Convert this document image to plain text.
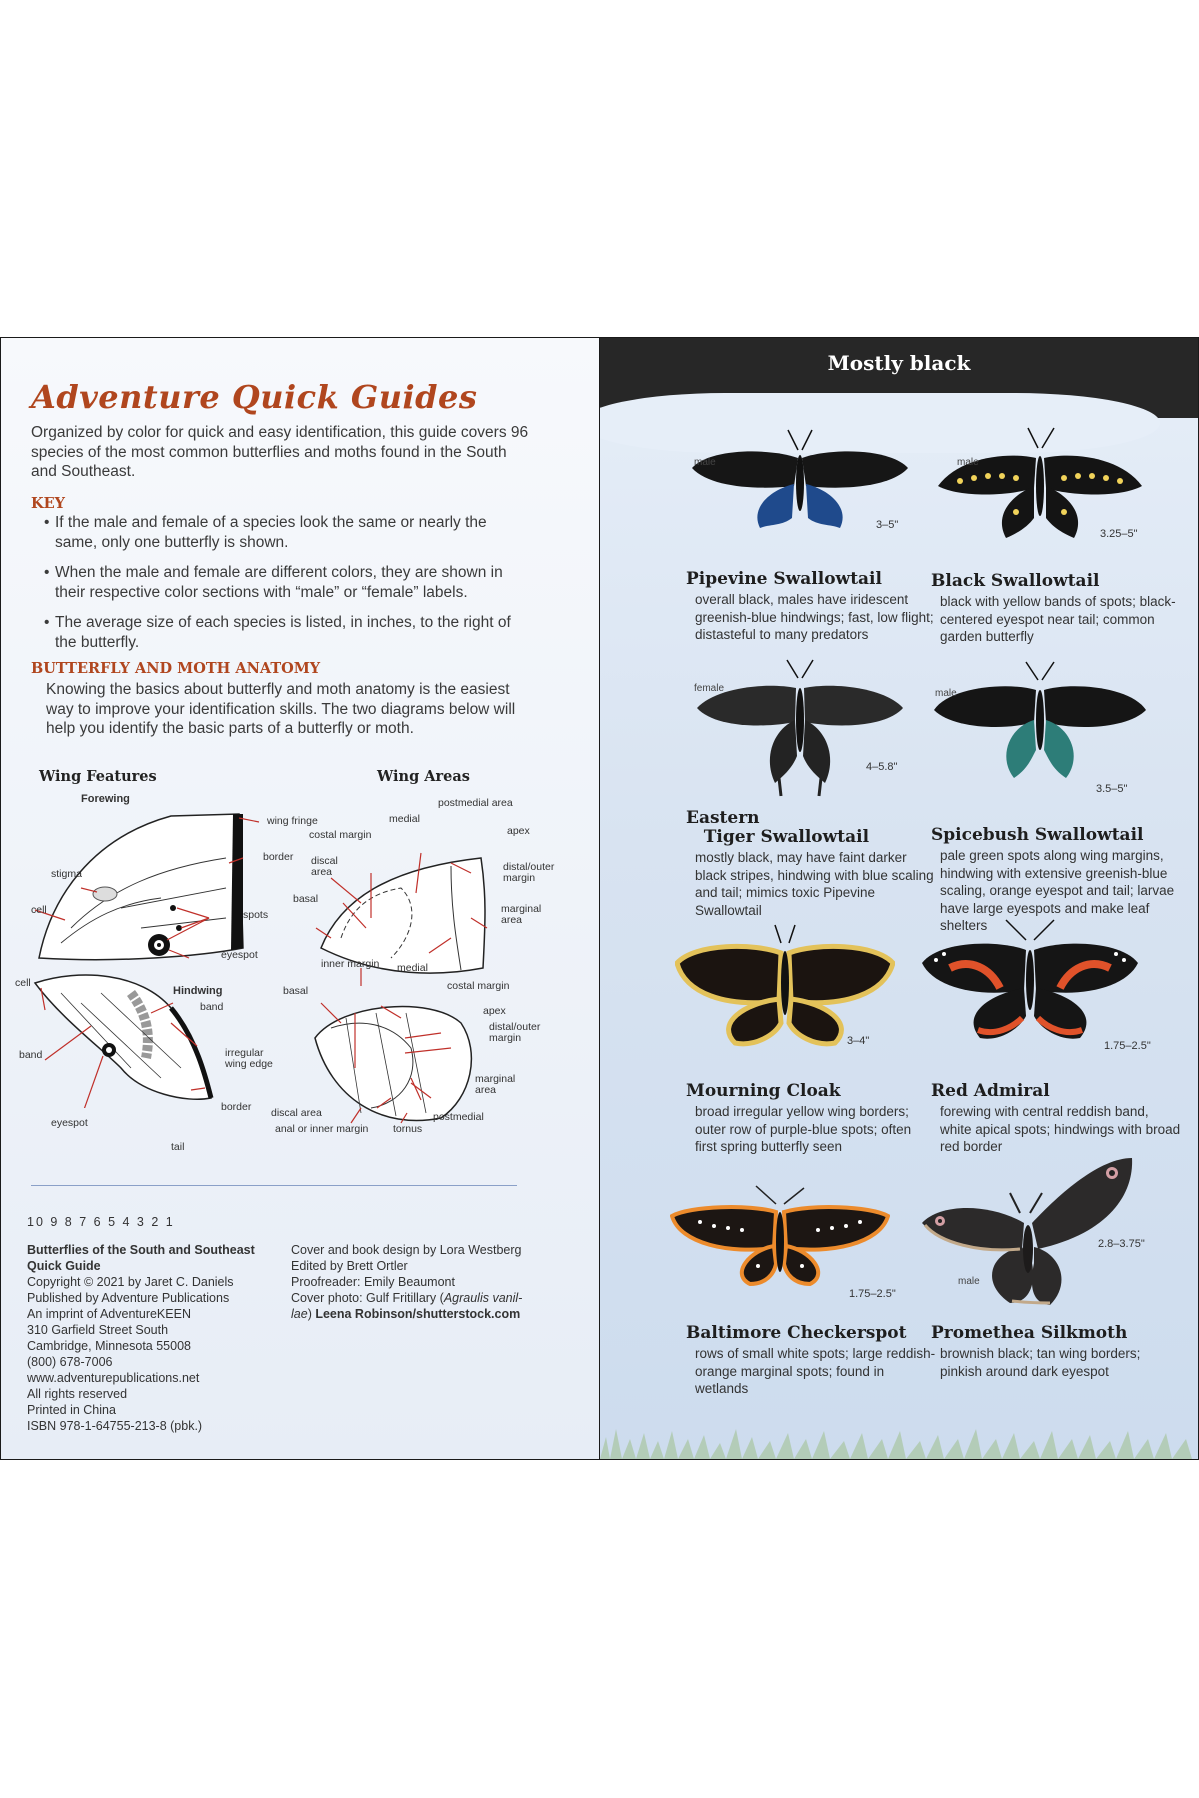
Adventure Quick Guides
Organized by color for quick and easy identification, this guide covers 96 species of the most common butterflies and moths found in the South and Southeast.
KEY
• If the male and female of a species look the same or nearly the same, only one butterfly is shown.
• When the male and female are different colors, they are shown in their respective color sections with “male” or “female” labels.
• The average size of each species is listed, in inches, to the right of the butterfly.
BUTTERFLY AND MOTH ANATOMY
Knowing the basics about butterfly and moth anatomy is the easiest way to improve your identification skills. The two diagrams below will help you identify the basic parts of a butterfly or moth.
Wing Features
Forewing
wing fringe
border
stigma
cell	spots
eyespot
cell
Hindwing
band
band	irregular
wing edge
border
eyespot
tail
Wing Areas
postmedial area
medial
costal margin	apex
discal
area	distal/outer
margin
basal
marginal
area
inner margin medial
basal	costal margin
apex
distal/outer
margin
marginal
area
discal area	postmedial
anal or inner margin tornus
10 9 8 7 6 5 4 3 2 1
Butterflies of the South and Southeast
Quick Guide
Copyright © 2021 by Jaret C. Daniels
Published by Adventure Publications
An imprint of AdventureKEEN
310 Garfield Street South
Cambridge, Minnesota 55008
(800) 678-7006
www.adventurepublications.net
All rights reserved
Printed in China
ISBN 978-1-64755-213-8 (pbk.)
Cover and book design by Lora Westberg
Edited by Brett Ortler
Proofreader: Emily Beaumont
Cover photo: Gulf Fritillary (Agraulis vanil-
lae) Leena Robinson/shutterstock.com
Mostly black
male
3–5"
male
3.25–5"
Pipevine Swallowtail
overall black, males have iridescent greenish-blue hindwings; fast, low flight; distasteful to many predators
Black Swallowtail
black with yellow bands of spots; black-centered eyespot near tail; common garden butterfly
female
4–5.8"
male
3.5–5"
Eastern
Tiger Swallowtail
mostly black, may have faint darker black stripes, hindwing with blue scaling and tail; mimics toxic Pipevine Swallowtail
Spicebush Swallowtail
pale green spots along wing margins, hindwing with extensive greenish-blue scaling, orange eyespot and tail; larvae have large eyespots and make leaf shelters
3–4"	1.75–2.5"
Mourning Cloak
broad irregular yellow wing borders; outer row of purple-blue spots; often first spring butterfly seen
Red Admiral
forewing with central reddish band, white apical spots; hindwings with broad red border
1.75–2.5"
2.8–3.75"
male
Baltimore Checkerspot
rows of small white spots; large reddish-orange marginal spots; found in wetlands
Promethea Silkmoth
brownish black; tan wing borders; pinkish around dark eyespot
